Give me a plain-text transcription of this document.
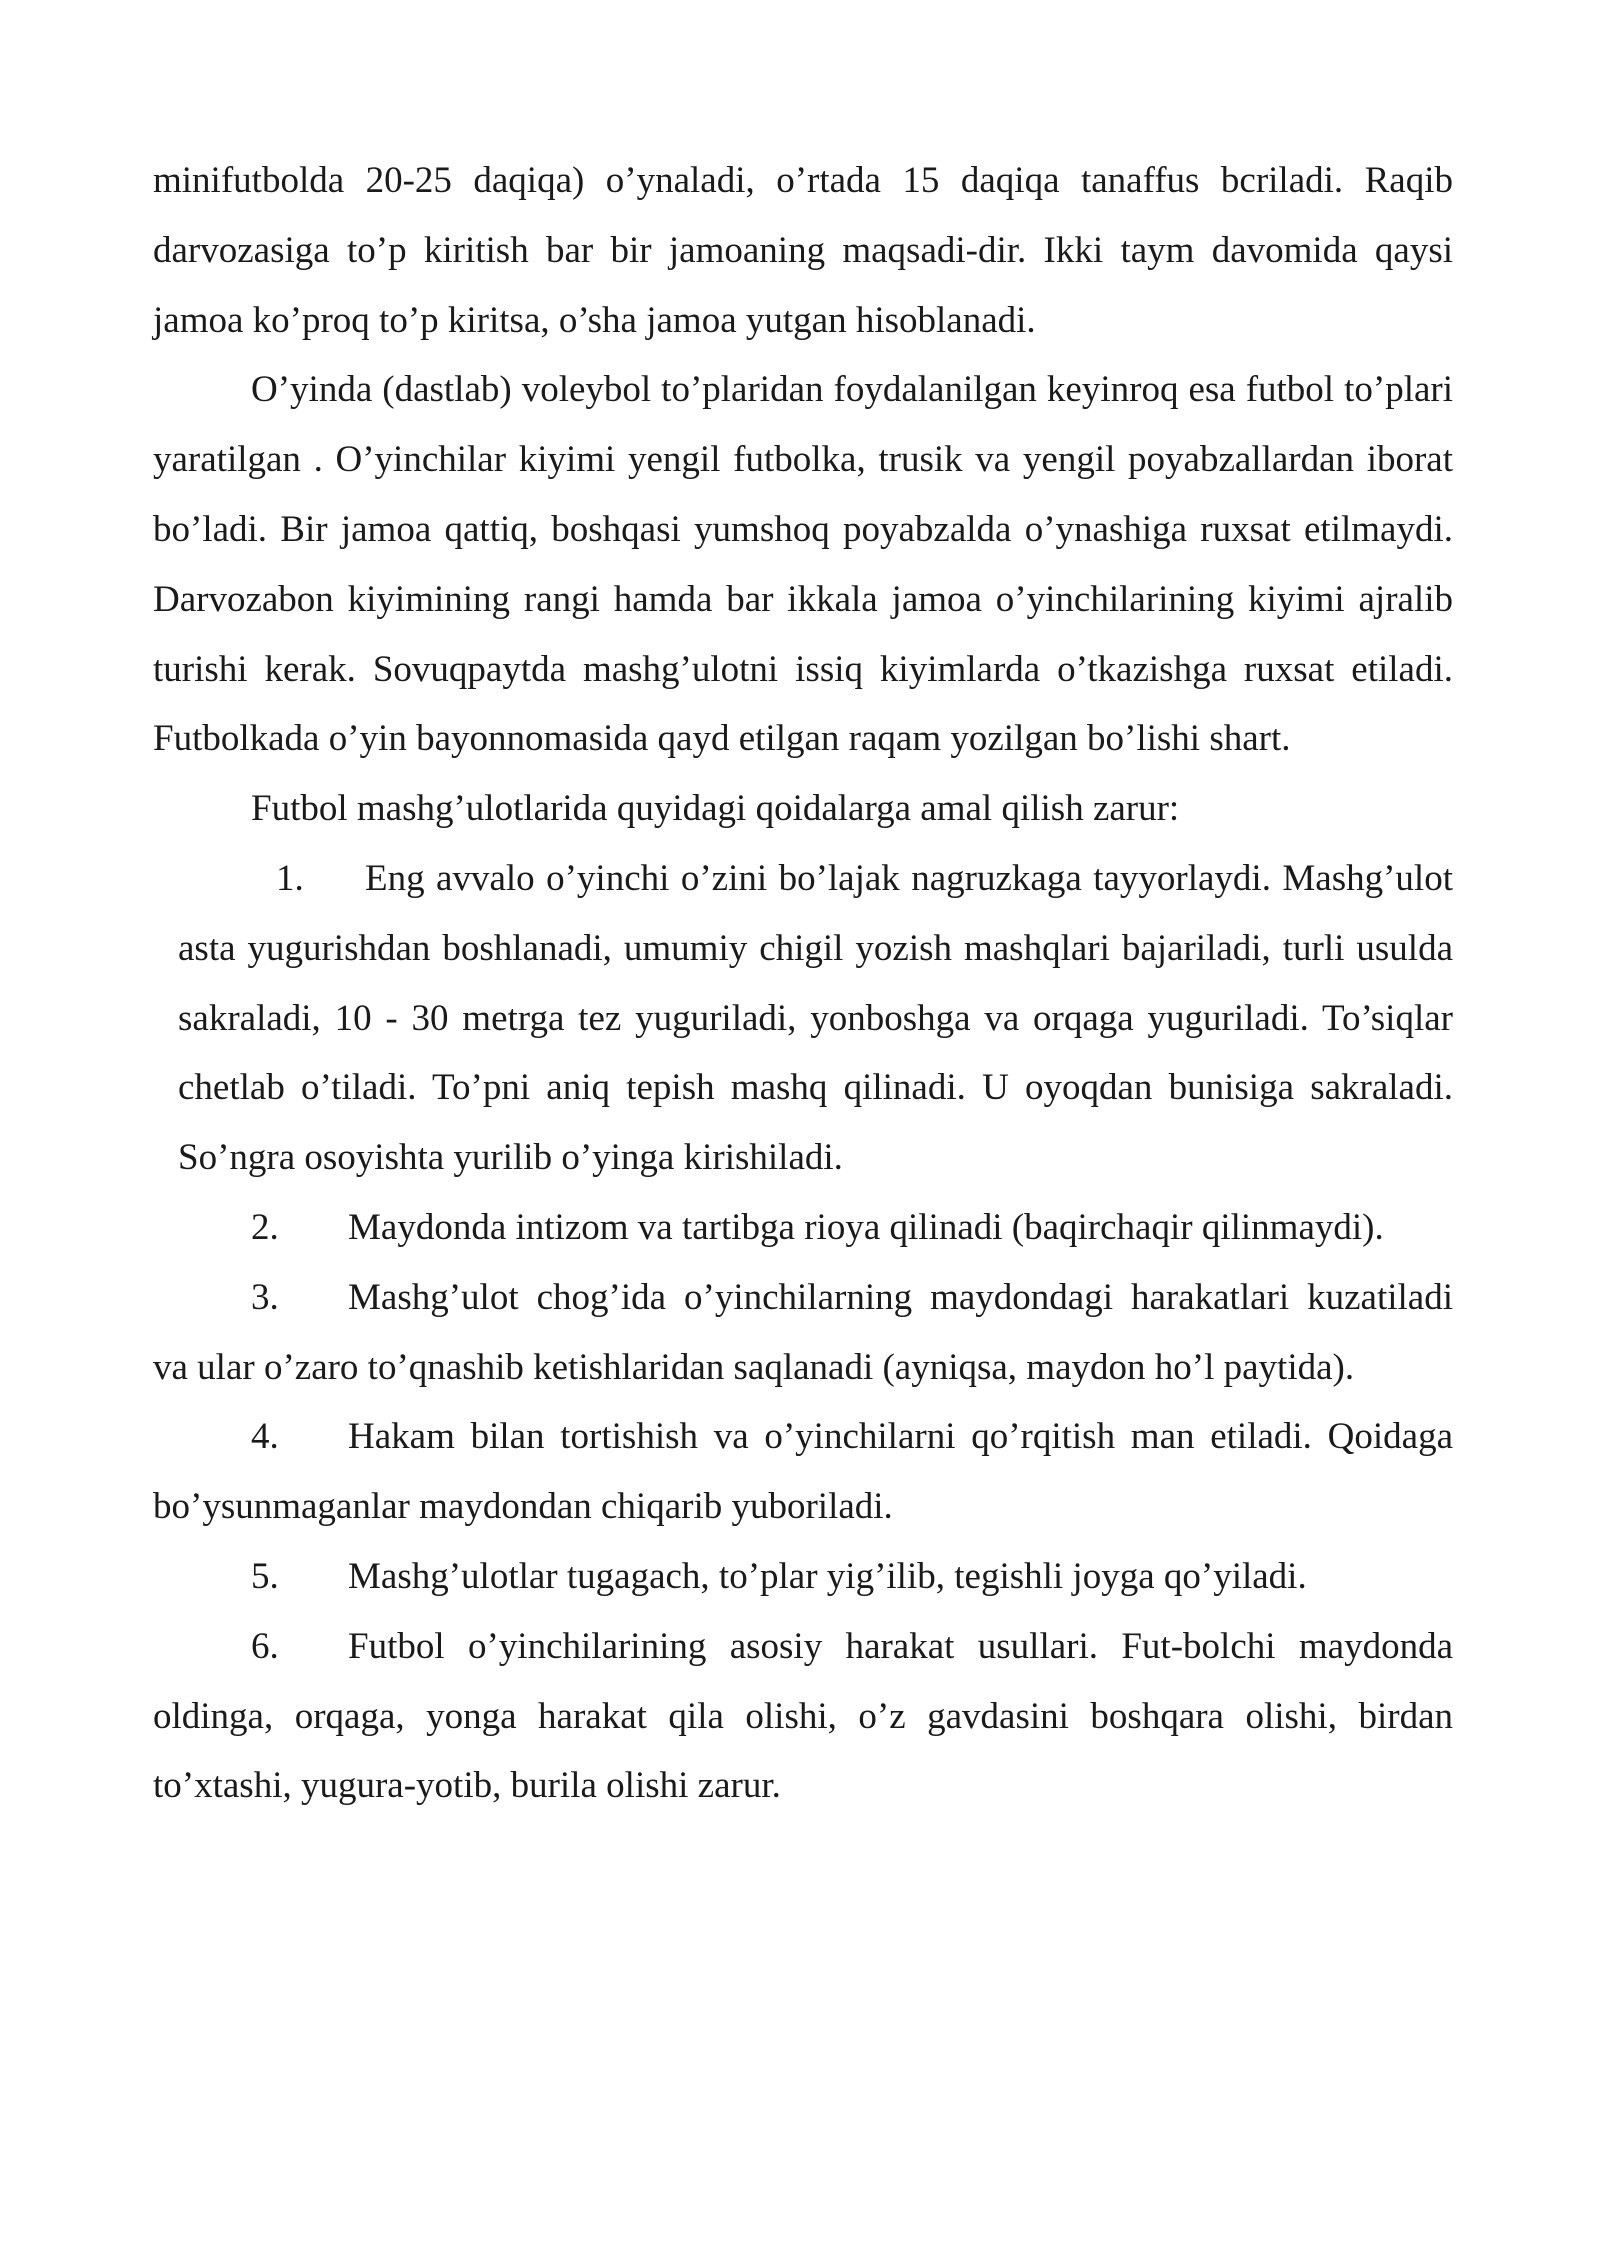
minifutbolda 20-25 daqiqa) o’ynaladi, o’rtada 15 daqiqa tanaffus bcriladi. Raqib darvozasiga to’p kiritish bar bir jamoaning maqsadi-dir. Ikki taym davomida qaysi jamoa ko’proq to’p kiritsa, o’sha jamoa yutgan hisoblanadi.

O’yinda (dastlab) voleybol to’plaridan foydalanilgan keyinroq esa futbol to’plari yaratilgan . O’yinchilar kiyimi yengil futbolka, trusik va yengil poyabzallardan iborat bo’ladi. Bir jamoa qattiq, boshqasi yumshoq poyabzalda o’ynashiga ruxsat etilmaydi. Darvozabon kiyimining rangi hamda bar ikkala jamoa o’yinchilarining kiyimi ajralib turishi kerak. Sovuqpaytda mashg’ulotni issiq kiyimlarda o’tkazishga ruxsat etiladi. Futbolkada o’yin bayonnomasida qayd etilgan raqam yozilgan bo’lishi shart.

Futbol mashg’ulotlarida quyidagi qoidalarga amal qilish zarur:

1. Eng avvalo o’yinchi o’zini bo’lajak nagruzkaga tayyorlaydi. Mashg’ulot asta yugurishdan boshlanadi, umumiy chigil yozish mashqlari bajariladi, turli usulda sakraladi, 10 - 30 metrga tez yuguriladi, yonboshga va orqaga yuguriladi. To’siqlar chetlab o’tiladi. To’pni aniq tepish mashq qilinadi. U oyoqdan bunisiga sakraladi. So’ngra osoyishta yurilib o’yinga kirishiladi.

2. Maydonda intizom va tartibga rioya qilinadi (baqirchaqir qilinmaydi).

3. Mashg’ulot chog’ida o’yinchilarning maydondagi harakatlari kuzatiladi va ular o’zaro to’qnashib ketishlaridan saqlanadi (ayniqsa, maydon ho’l paytida).

4. Hakam bilan tortishish va o’yinchilarni qo’rqitish man etiladi. Qoidaga bo’ysunmaganlar maydondan chiqarib yuboriladi.

5. Mashg’ulotlar tugagach, to’plar yig’ilib, tegishli joyga qo’yiladi.

6. Futbol o’yinchilarining asosiy harakat usullari. Fut-bolchi maydonda oldinga, orqaga, yonga harakat qila olishi, o’z gavdasini boshqara olishi, birdan to’xtashi, yugura-yotib, burila olishi zarur.
